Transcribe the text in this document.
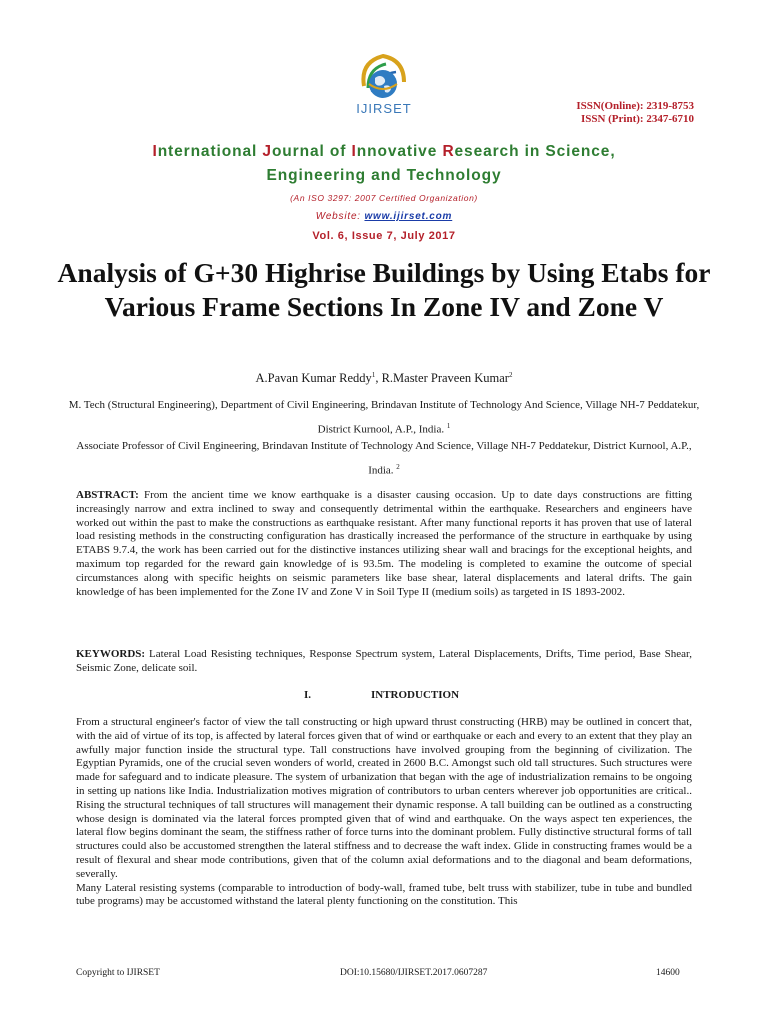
IJIRSET	ISSN(Online): 2319-8753
ISSN (Print): 2347-6710
International Journal of Innovative Research in Science,
Engineering and Technology
(An ISO 3297: 2007 Certified Organization)
Website: www.ijirset.com
Vol. 6, Issue 7, July 2017
Analysis of G+30 Highrise Buildings by Using Etabs for Various Frame Sections In Zone IV and Zone V
A.Pavan Kumar Reddy$^1$, R.Master Praveen Kumar$^2$
M. Tech (Structural Engineering), Department of Civil Engineering, Brindavan Institute of Technology And Science, Village NH-7 Peddatekur, District Kurnool, A.P., India. $^1$
Associate Professor of Civil Engineering, Brindavan Institute of Technology And Science, Village NH-7 Peddatekur, District Kurnool, A.P., India. $^2$

ABSTRACT: From the ancient time we know earthquake is a disaster causing occasion. Up to date days constructions are fitting increasingly narrow and extra inclined to sway and consequently detrimental within the earthquake. Researchers and engineers have worked out within the past to make the constructions as earthquake resistant. After many functional reports it has proven that use of lateral load resisting methods in the constructing configuration has drastically increased the performance of the structure in earthquake by using ETABS 9.7.4, the work has been carried out for the distinctive instances utilizing shear wall and bracings for the exceptional heights, and maximum top regarded for the reward gain knowledge of is 93.5m. The modeling is completed to examine the outcome of special circumstances along with specific heights on seismic parameters like base shear, lateral displacements and lateral drifts. The gain knowledge of has been implemented for the Zone IV and Zone V in Soil Type II (medium soils) as targeted in IS 1893-2002.

KEYWORDS: Lateral Load Resisting techniques, Response Spectrum system, Lateral Displacements, Drifts, Time period, Base Shear, Seismic Zone, delicate soil.

I.	INTRODUCTION
From a structural engineer's factor of view the tall constructing or high upward thrust constructing (HRB) may be outlined in concert that, with the aid of virtue of its top, is affected by lateral forces given that of wind or earthquake or each and every to an extent that they play an awfully major function inside the structural type. Tall constructions have involved grouping from the beginning of civilization. The Egyptian Pyramids, one of the crucial seven wonders of world, created in 2600 B.C. Amongst such old tall structures. Such structures were made for safeguard and to indicate pleasure. The system of urbanization that began with the age of industrialization remains to be ongoing in setting up nations like India. Industrialization motives migration of contributors to urban centers wherever job opportunities are critical.. Rising the structural techniques of tall structures will management their dynamic response. A tall building can be outlined as a constructing whose design is dominated via the lateral forces prompted given that of wind and earthquake. On the ways aspect ten experiences, the lateral flow begins dominant the seam, the stiffness rather of force turns into the dominant problem. Fully distinctive structural forms of tall structures could also be accustomed strengthen the lateral stiffness and to decrease the waft index. Glide in constructing frames would be a result of flexural and shear mode contributions, given that of the column axial deformations and to the diagonal and beam deformations, severally.
Many Lateral resisting systems (comparable to introduction of body-wall, framed tube, belt truss with stabilizer, tube in tube and bundled tube programs) may be accustomed withstand the lateral plenty functioning on the constitution. This
Copyright to IJIRSET	DOI:10.15680/IJIRSET.2017.0607287	14600
